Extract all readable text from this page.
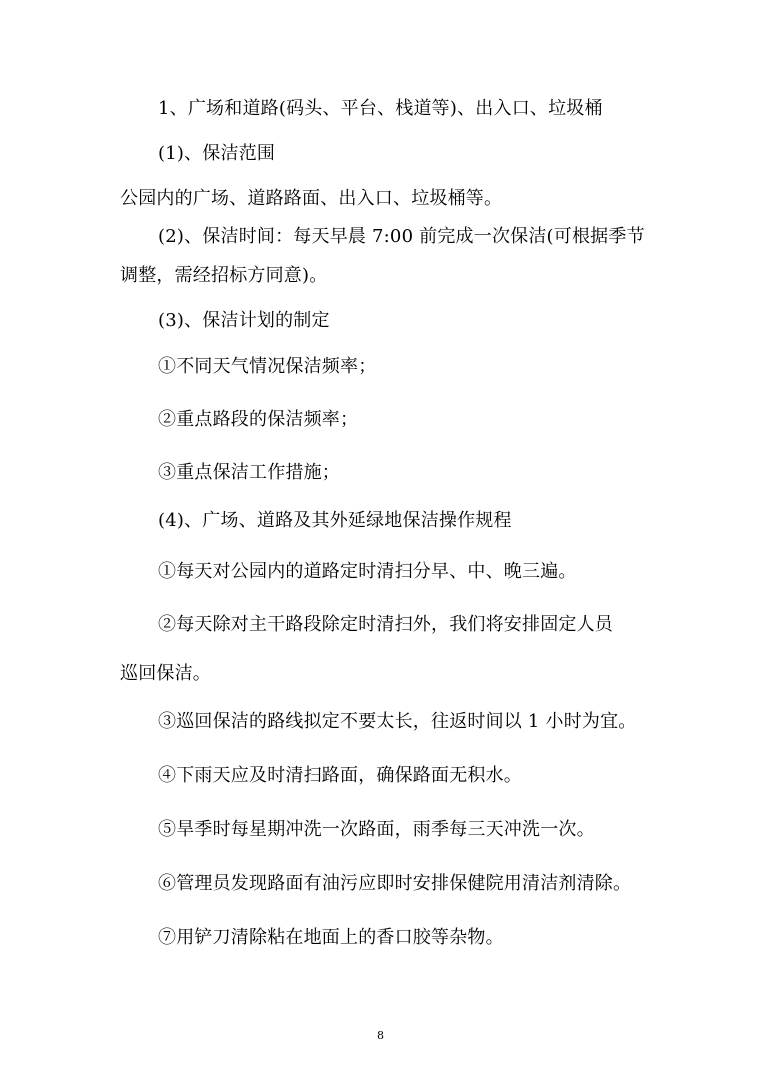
1、广场和道路(码头、平台、栈道等)、出入口、垃圾桶
(1)、保洁范围
公园内的广场、道路路面、出入口、垃圾桶等。
(2)、保洁时间：每天早晨 7:00 前完成一次保洁(可根据季节
调整，需经招标方同意)。
(3)、保洁计划的制定
①不同天气情况保洁频率；
②重点路段的保洁频率；
③重点保洁工作措施；
(4)、广场、道路及其外延绿地保洁操作规程
①每天对公园内的道路定时清扫分早、中、晚三遍。
②每天除对主干路段除定时清扫外，我们将安排固定人员
巡回保洁。
③巡回保洁的路线拟定不要太长，往返时间以 1 小时为宜。
④下雨天应及时清扫路面，确保路面无积水。
⑤旱季时每星期冲洗一次路面，雨季每三天冲洗一次。
⑥管理员发现路面有油污应即时安排保健院用清洁剂清除。
⑦用铲刀清除粘在地面上的香口胶等杂物。
8
